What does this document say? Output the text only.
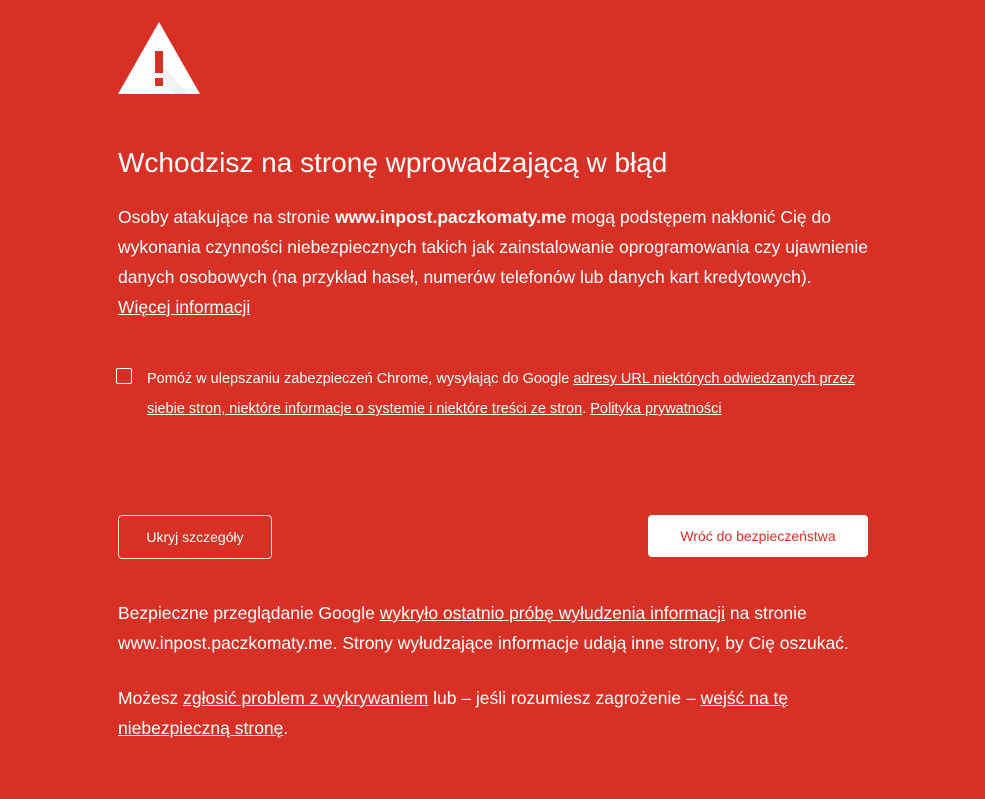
Wchodzisz na stronę wprowadzającą w błąd

Osoby atakujące na stronie www.inpost.paczkomaty.me mogą podstępem nakłonić Cię do wykonania czynności niebezpiecznych takich jak zainstalowanie oprogramowania czy ujawnienie danych osobowych (na przykład haseł, numerów telefonów lub danych kart kredytowych). Więcej informacji

Pomóż w ulepszaniu zabezpieczeń Chrome, wysyłając do Google adresy URL niektórych odwiedzanych przez siebie stron, niektóre informacje o systemie i niektóre treści ze stron. Polityka prywatności

Ukryj szczegóły	Wróć do bezpieczeństwa

Bezpieczne przeglądanie Google wykryło ostatnio próbę wyłudzenia informacji na stronie www.inpost.paczkomaty.me. Strony wyłudzające informacje udają inne strony, by Cię oszukać.

Możesz zgłosić problem z wykrywaniem lub – jeśli rozumiesz zagrożenie – wejść na tę niebezpieczną stronę.
